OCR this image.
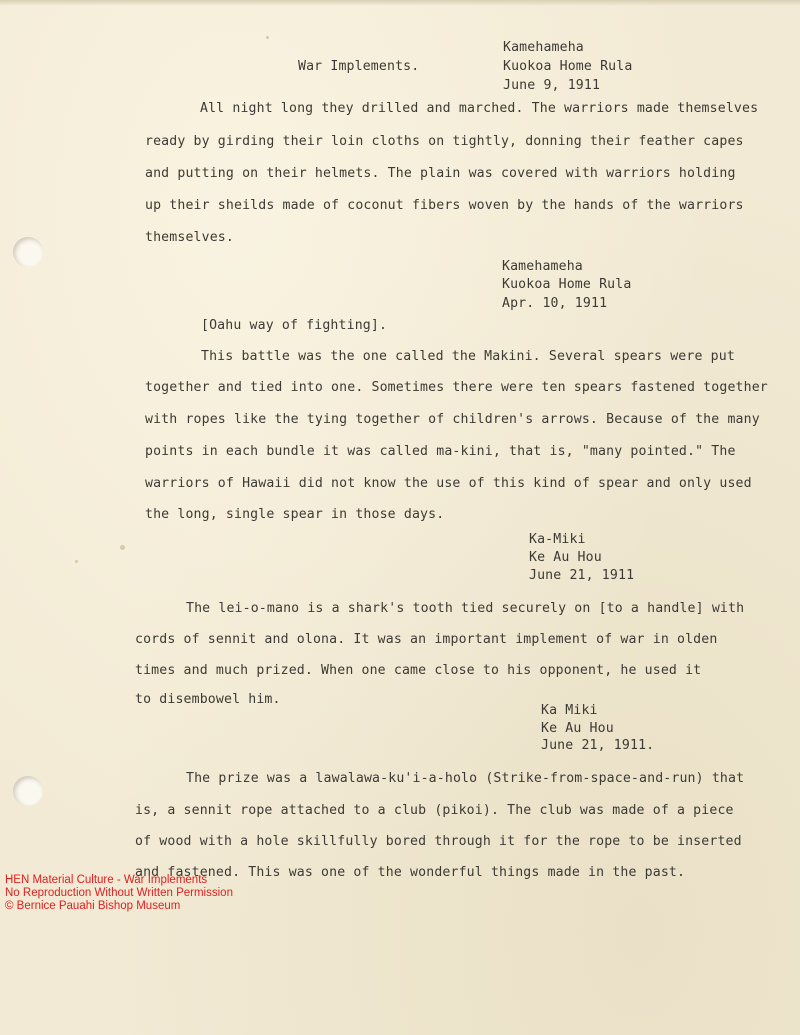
War Implements.
Kamehameha
Kuokoa Home Rula
June 9, 1911
All night long they drilled and marched. The warriors made themselves
ready by girding their loin cloths on tightly, donning their feather capes
and putting on their helmets. The plain was covered with warriors holding
up their sheilds made of coconut fibers woven by the hands of the warriors
themselves.
Kamehameha
Kuokoa Home Rula
Apr. 10, 1911
[Oahu way of fighting].
This battle was the one called the Makini. Several spears were put
together and tied into one. Sometimes there were ten spears fastened together
with ropes like the tying together of children's arrows. Because of the many
points in each bundle it was called ma-kini, that is, "many pointed." The
warriors of Hawaii did not know the use of this kind of spear and only used
the long, single spear in those days.
Ka-Miki
Ke Au Hou
June 21, 1911
The lei-o-mano is a shark's tooth tied securely on [to a handle] with
cords of sennit and olona. It was an important implement of war in olden
times and much prized. When one came close to his opponent, he used it
to disembowel him.
Ka Miki
Ke Au Hou
June 21, 1911.
The prize was a lawalawa-ku'i-a-holo (Strike-from-space-and-run) that
is, a sennit rope attached to a club (pikoi). The club was made of a piece
of wood with a hole skillfully bored through it for the rope to be inserted
and fastened. This was one of the wonderful things made in the past.
HEN Material Culture - War Implements
No Reproduction Without Written Permission
© Bernice Pauahi Bishop Museum
